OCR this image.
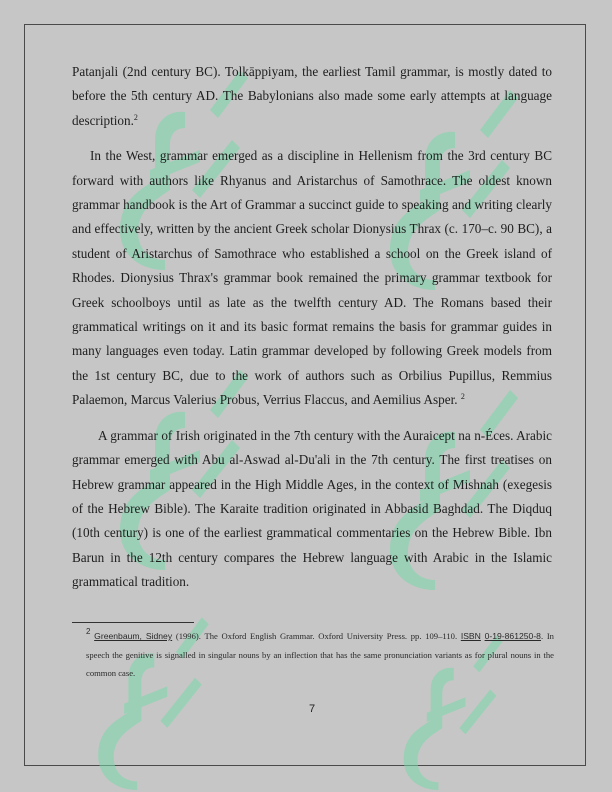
Patanjali (2nd century BC). Tolkāppiyam, the earliest Tamil grammar, is mostly dated to before the 5th century AD. The Babylonians also made some early attempts at language description.$^2$

In the West, grammar emerged as a discipline in Hellenism from the 3rd century BC forward with authors like Rhyanus and Aristarchus of Samothrace. The oldest known grammar handbook is the Art of Grammar a succinct guide to speaking and writing clearly and effectively, written by the ancient Greek scholar Dionysius Thrax (c. 170–c. 90 BC), a student of Aristarchus of Samothrace who established a school on the Greek island of Rhodes. Dionysius Thrax's grammar book remained the primary grammar textbook for Greek schoolboys until as late as the twelfth century AD. The Romans based their grammatical writings on it and its basic format remains the basis for grammar guides in many languages even today. Latin grammar developed by following Greek models from the 1st century BC, due to the work of authors such as Orbilius Pupillus, Remmius Palaemon, Marcus Valerius Probus, Verrius Flaccus, and Aemilius Asper. $^2$

A grammar of Irish originated in the 7th century with the Auraicept na n-Éces. Arabic grammar emerged with Abu al-Aswad al-Du'ali in the 7th century. The first treatises on Hebrew grammar appeared in the High Middle Ages, in the context of Mishnah (exegesis of the Hebrew Bible). The Karaite tradition originated in Abbasid Baghdad. The Diqduq (10th century) is one of the earliest grammatical commentaries on the Hebrew Bible. Ibn Barun in the 12th century compares the Hebrew language with Arabic in the Islamic grammatical tradition.

$^2$ Greenbaum, Sidney (1996). The Oxford English Grammar. Oxford University Press. pp. 109–110. ISBN 0-19-861250-8. In speech the genitive is signalled in singular nouns by an inflection that has the same pronunciation variants as for plural nouns in the common case.
7
